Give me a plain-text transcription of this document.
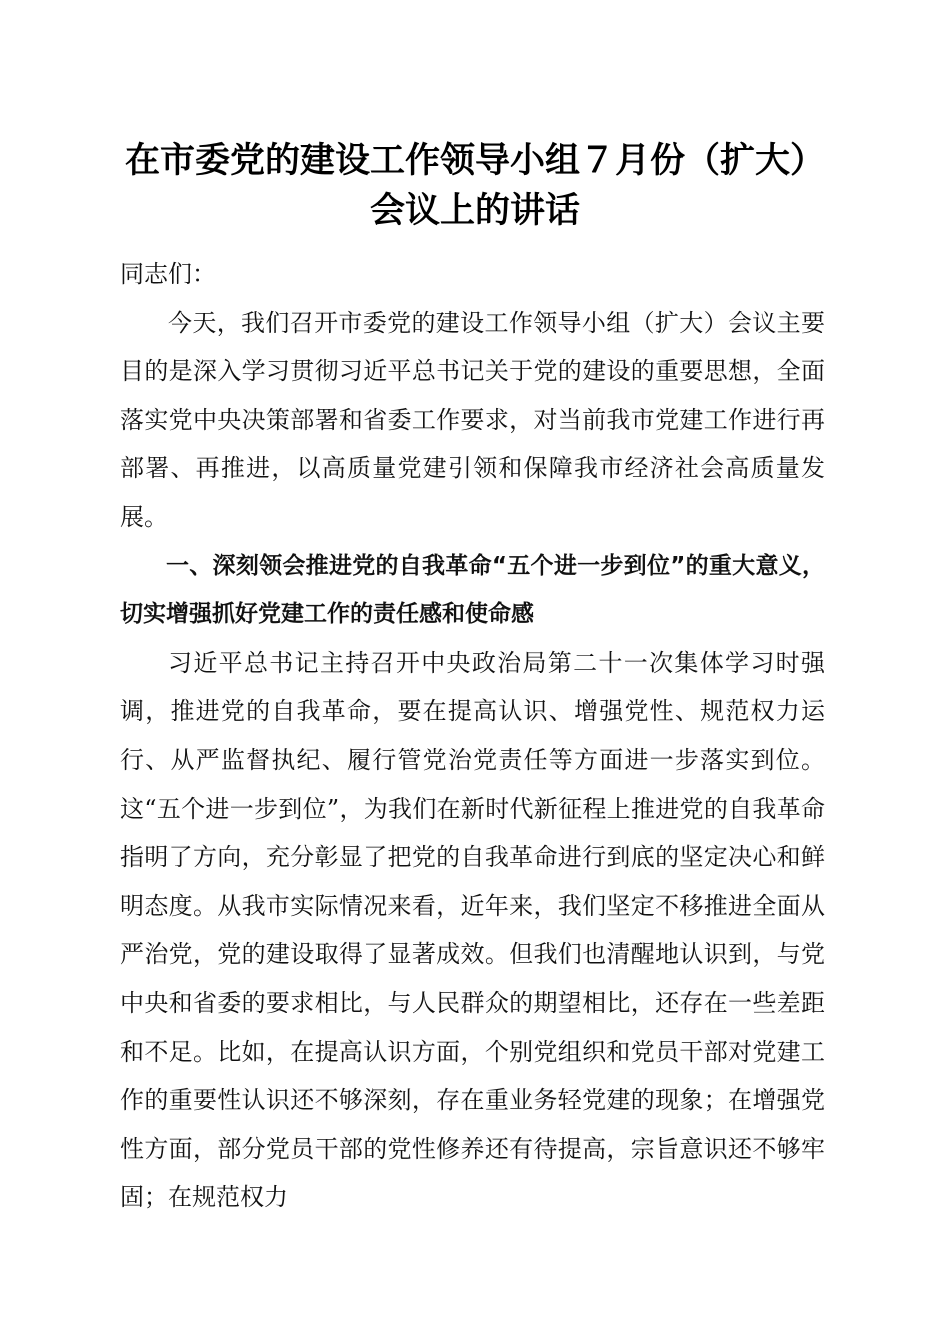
在市委党的建设工作领导小组７月份（扩大）
会议上的讲话

同志们：

今天，我们召开市委党的建设工作领导小组（扩大）会议主要目的是深入学习贯彻习近平总书记关于党的建设的重要思想，全面落实党中央决策部署和省委工作要求，对当前我市党建工作进行再部署、再推进，以高质量党建引领和保障我市经济社会高质量发展。

一、深刻领会推进党的自我革命“五个进一步到位”的重大意义，切实增强抓好党建工作的责任感和使命感

习近平总书记主持召开中央政治局第二十一次集体学习时强调，推进党的自我革命，要在提高认识、增强党性、规范权力运行、从严监督执纪、履行管党治党责任等方面进一步落实到位。这“五个进一步到位”，为我们在新时代新征程上推进党的自我革命指明了方向，充分彰显了把党的自我革命进行到底的坚定决心和鲜明态度。从我市实际情况来看，近年来，我们坚定不移推进全面从严治党，党的建设取得了显著成效。但我们也清醒地认识到，与党中央和省委的要求相比，与人民群众的期望相比，还存在一些差距和不足。比如，在提高认识方面，个别党组织和党员干部对党建工作的重要性认识还不够深刻，存在重业务轻党建的现象；在增强党性方面，部分党员干部的党性修养还有待提高，宗旨意识还不够牢固；在规范权力
